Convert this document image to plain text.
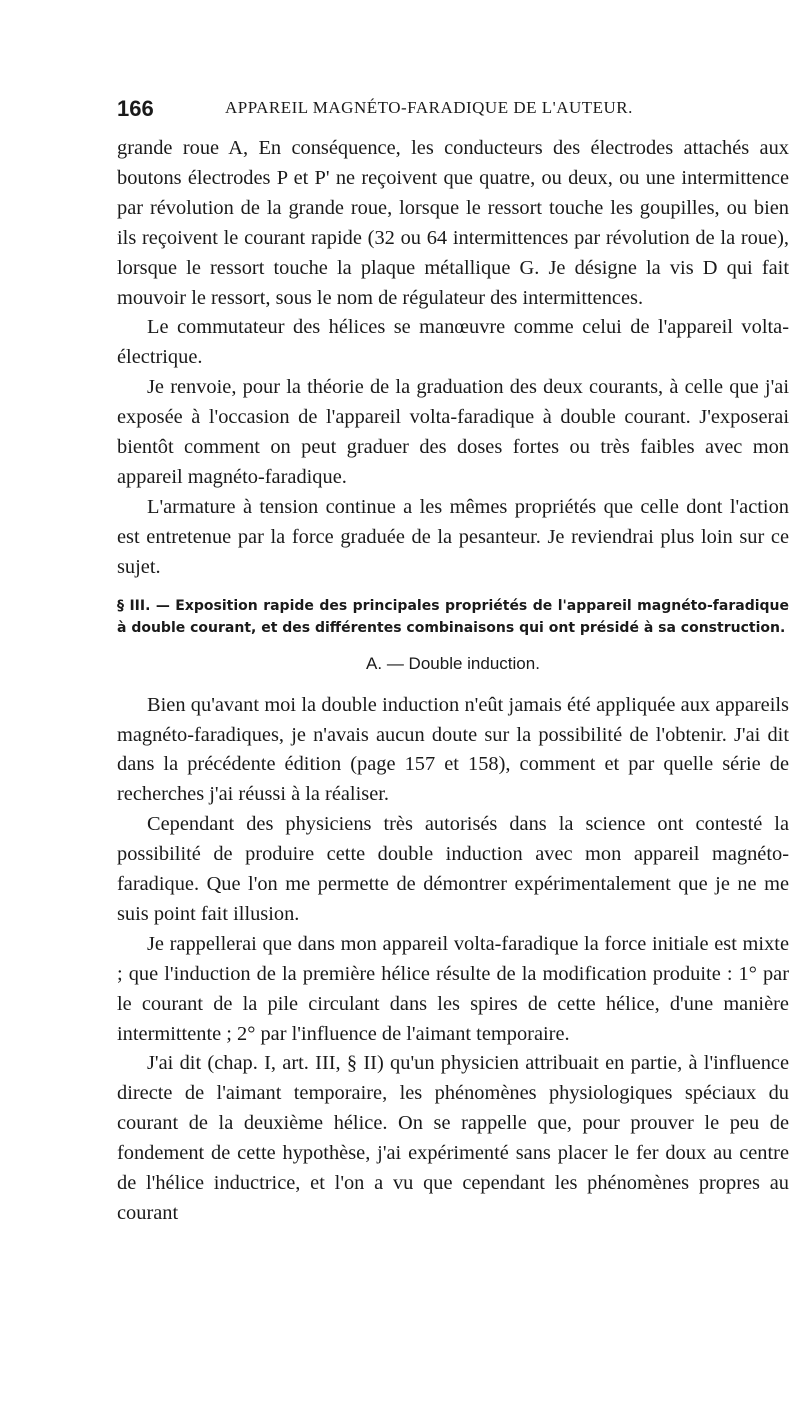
166	APPAREIL MAGNÉTO-FARADIQUE DE L'AUTEUR.

grande roue A, En conséquence, les conducteurs des électrodes attachés aux boutons électrodes P et P' ne reçoivent que quatre, ou deux, ou une intermittence par révolution de la grande roue, lorsque le ressort touche les goupilles, ou bien ils reçoivent le courant rapide (32 ou 64 intermittences par révolution de la roue), lorsque le ressort touche la plaque métallique G. Je désigne la vis D qui fait mouvoir le ressort, sous le nom de régulateur des intermittences.

Le commutateur des hélices se manœuvre comme celui de l'appareil volta-électrique.

Je renvoie, pour la théorie de la graduation des deux courants, à celle que j'ai exposée à l'occasion de l'appareil volta-faradique à double courant. J'exposerai bientôt comment on peut graduer des doses fortes ou très faibles avec mon appareil magnéto-faradique.

L'armature à tension continue a les mêmes propriétés que celle dont l'action est entretenue par la force graduée de la pesanteur. Je reviendrai plus loin sur ce sujet.

§ III. — Exposition rapide des principales propriétés de l'appareil magnéto-faradique à double courant, et des différentes combinaisons qui ont présidé à sa construction.

A. — Double induction.

Bien qu'avant moi la double induction n'eût jamais été appliquée aux appareils magnéto-faradiques, je n'avais aucun doute sur la possibilité de l'obtenir. J'ai dit dans la précédente édition (page 157 et 158), comment et par quelle série de recherches j'ai réussi à la réaliser.

Cependant des physiciens très autorisés dans la science ont contesté la possibilité de produire cette double induction avec mon appareil magnéto-faradique. Que l'on me permette de démontrer expérimentalement que je ne me suis point fait illusion.

Je rappellerai que dans mon appareil volta-faradique la force initiale est mixte ; que l'induction de la première hélice résulte de la modification produite : 1° par le courant de la pile circulant dans les spires de cette hélice, d'une manière intermittente ; 2° par l'influence de l'aimant temporaire.

J'ai dit (chap. I, art. III, § II) qu'un physicien attribuait en partie, à l'influence directe de l'aimant temporaire, les phénomènes physiologiques spéciaux du courant de la deuxième hélice. On se rappelle que, pour prouver le peu de fondement de cette hypothèse, j'ai expérimenté sans placer le fer doux au centre de l'hélice inductrice, et l'on a vu que cependant les phénomènes propres au courant
